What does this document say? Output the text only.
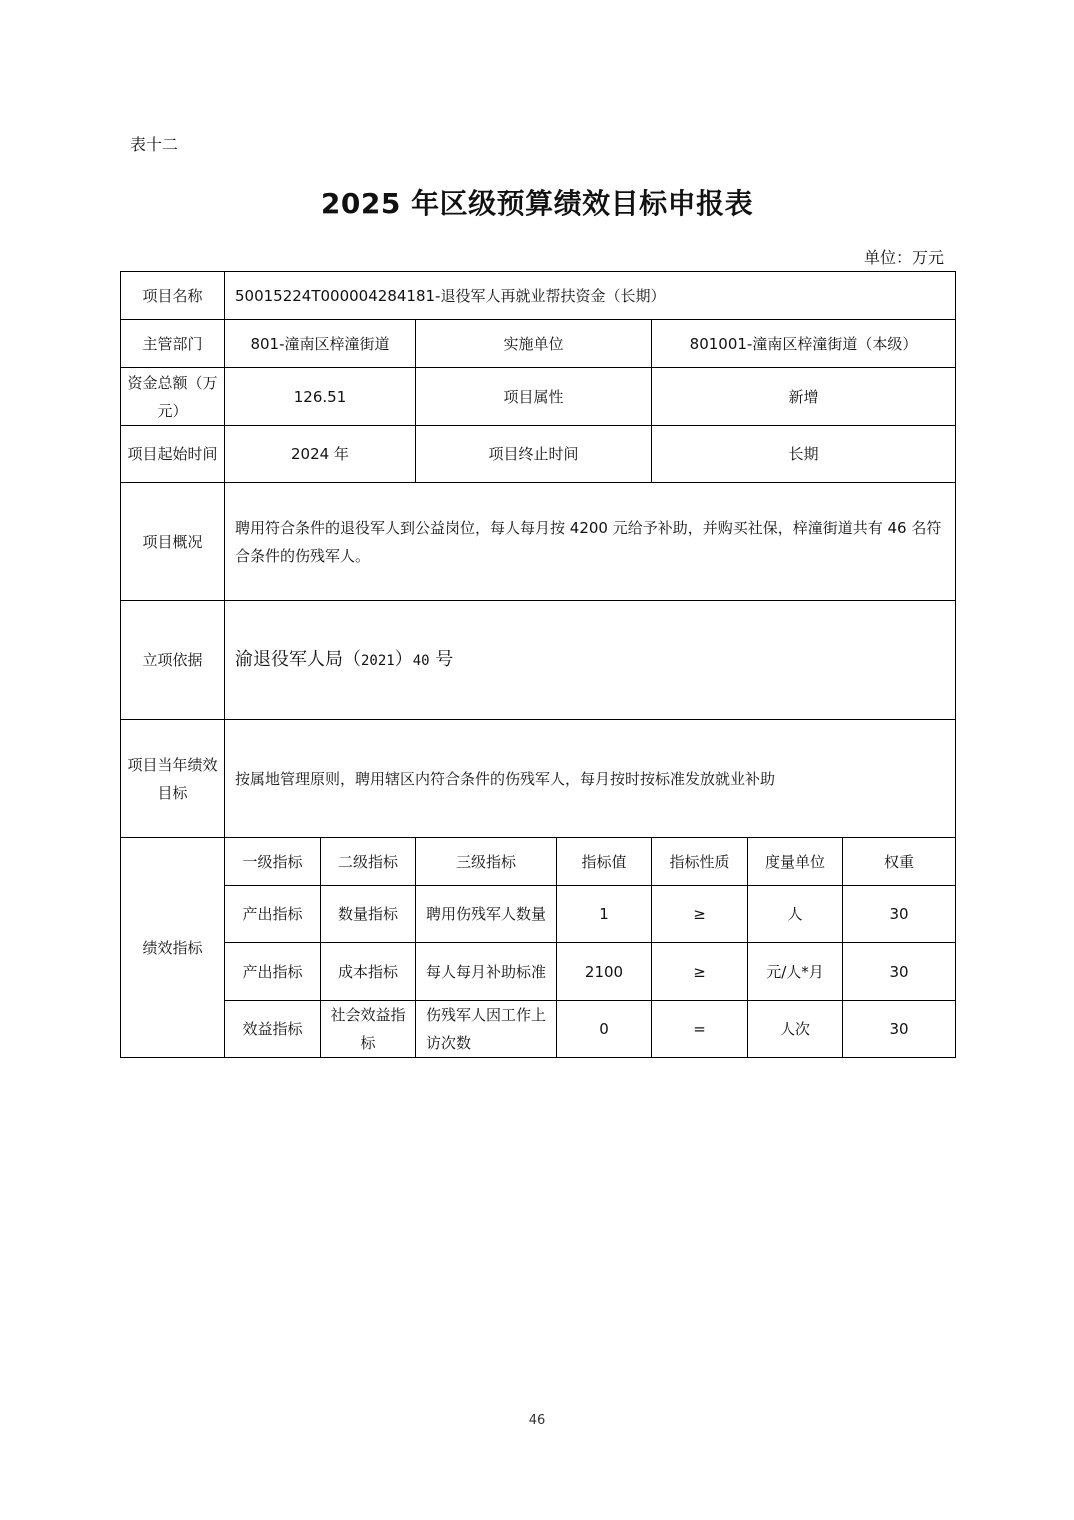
表十二
2025 年区级预算绩效目标申报表
单位：万元
项目名称	50015224T000004284181-退役军人再就业帮扶资金（长期）						
主管部门	801-潼南区梓潼街道		实施单位		801001-潼南区梓潼街道（本级）		
资金总额（万元）	126.51		项目属性		新增		
项目起始时间	2024 年		项目终止时间		长期		
项目概况	聘用符合条件的退役军人到公益岗位，每人每月按 4200 元给予补助，并购买社保，梓潼街道共有 46 名符合条件的伤残军人。						
立项依据	渝退役军人局（2021）40 号						
项目当年绩效目标	按属地管理原则，聘用辖区内符合条件的伤残军人，每月按时按标准发放就业补助						
绩效指标	一级指标	二级指标	三级指标	指标值	指标性质	度量单位	权重
	产出指标	数量指标	聘用伤残军人数量	1	≥	人	30
	产出指标	成本指标	每人每月补助标准	2100	≥	元/人*月	30
	效益指标	社会效益指标	伤残军人因工作上访次数	0	=	人次	30
46
